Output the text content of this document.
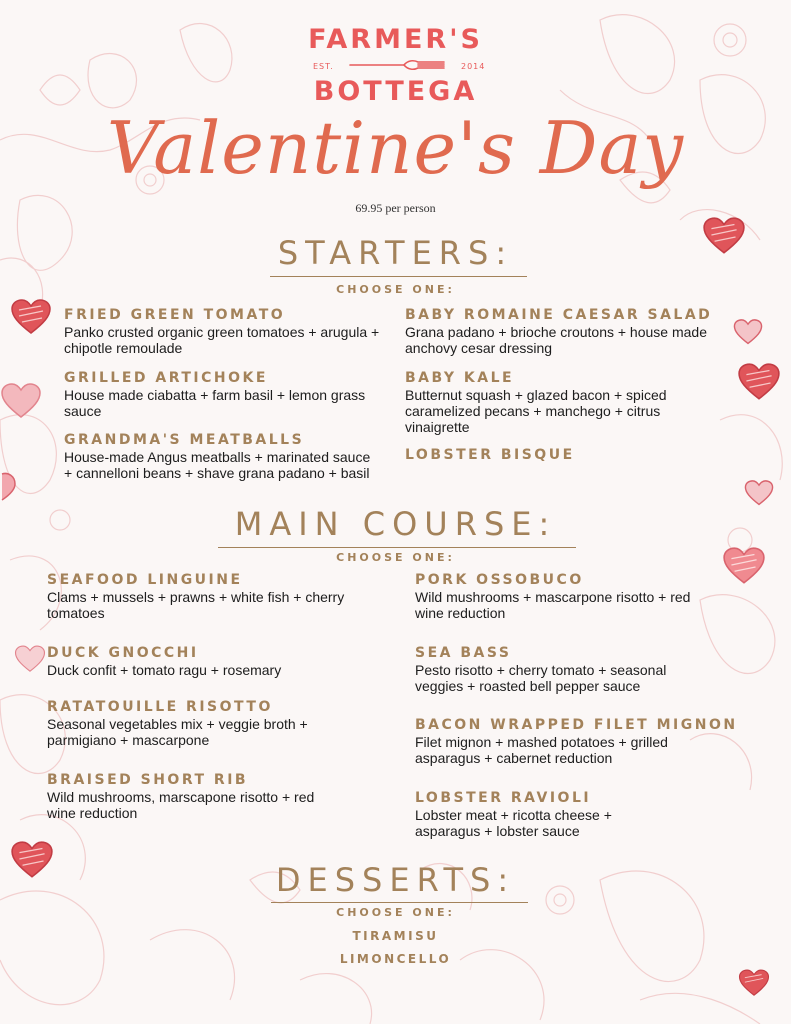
FARMER'S
EST.	2014
BOTTEGA
Valentine's Day
69.95 per person
STARTERS:
CHOOSE ONE:
FRIED GREEN TOMATO
Panko crusted organic green tomatoes + arugula + chipotle remoulade
GRILLED ARTICHOKE
House made ciabatta + farm basil + lemon grass sauce
GRANDMA'S MEATBALLS
House-made Angus meatballs + marinated sauce + cannelloni beans + shave grana padano + basil
BABY ROMAINE CAESAR SALAD
Grana padano + brioche croutons + house made anchovy cesar dressing
BABY KALE
Butternut squash + glazed bacon + spiced caramelized pecans + manchego + citrus vinaigrette
LOBSTER BISQUE
MAIN COURSE:
CHOOSE ONE:
SEAFOOD LINGUINE
Clams + mussels + prawns + white fish + cherry tomatoes
DUCK GNOCCHI
Duck confit + tomato ragu + rosemary
RATATOUILLE RISOTTO
Seasonal vegetables mix + veggie broth + parmigiano + mascarpone
BRAISED SHORT RIB
Wild mushrooms, marscapone risotto + red wine reduction
PORK OSSOBUCO
Wild mushrooms + mascarpone risotto + red wine reduction
SEA BASS
Pesto risotto + cherry tomato + seasonal veggies + roasted bell pepper sauce
BACON WRAPPED FILET MIGNON
Filet mignon + mashed potatoes + grilled asparagus + cabernet reduction
LOBSTER RAVIOLI
Lobster meat + ricotta cheese + asparagus + lobster sauce
DESSERTS:
CHOOSE ONE:
TIRAMISU
LIMONCELLO
